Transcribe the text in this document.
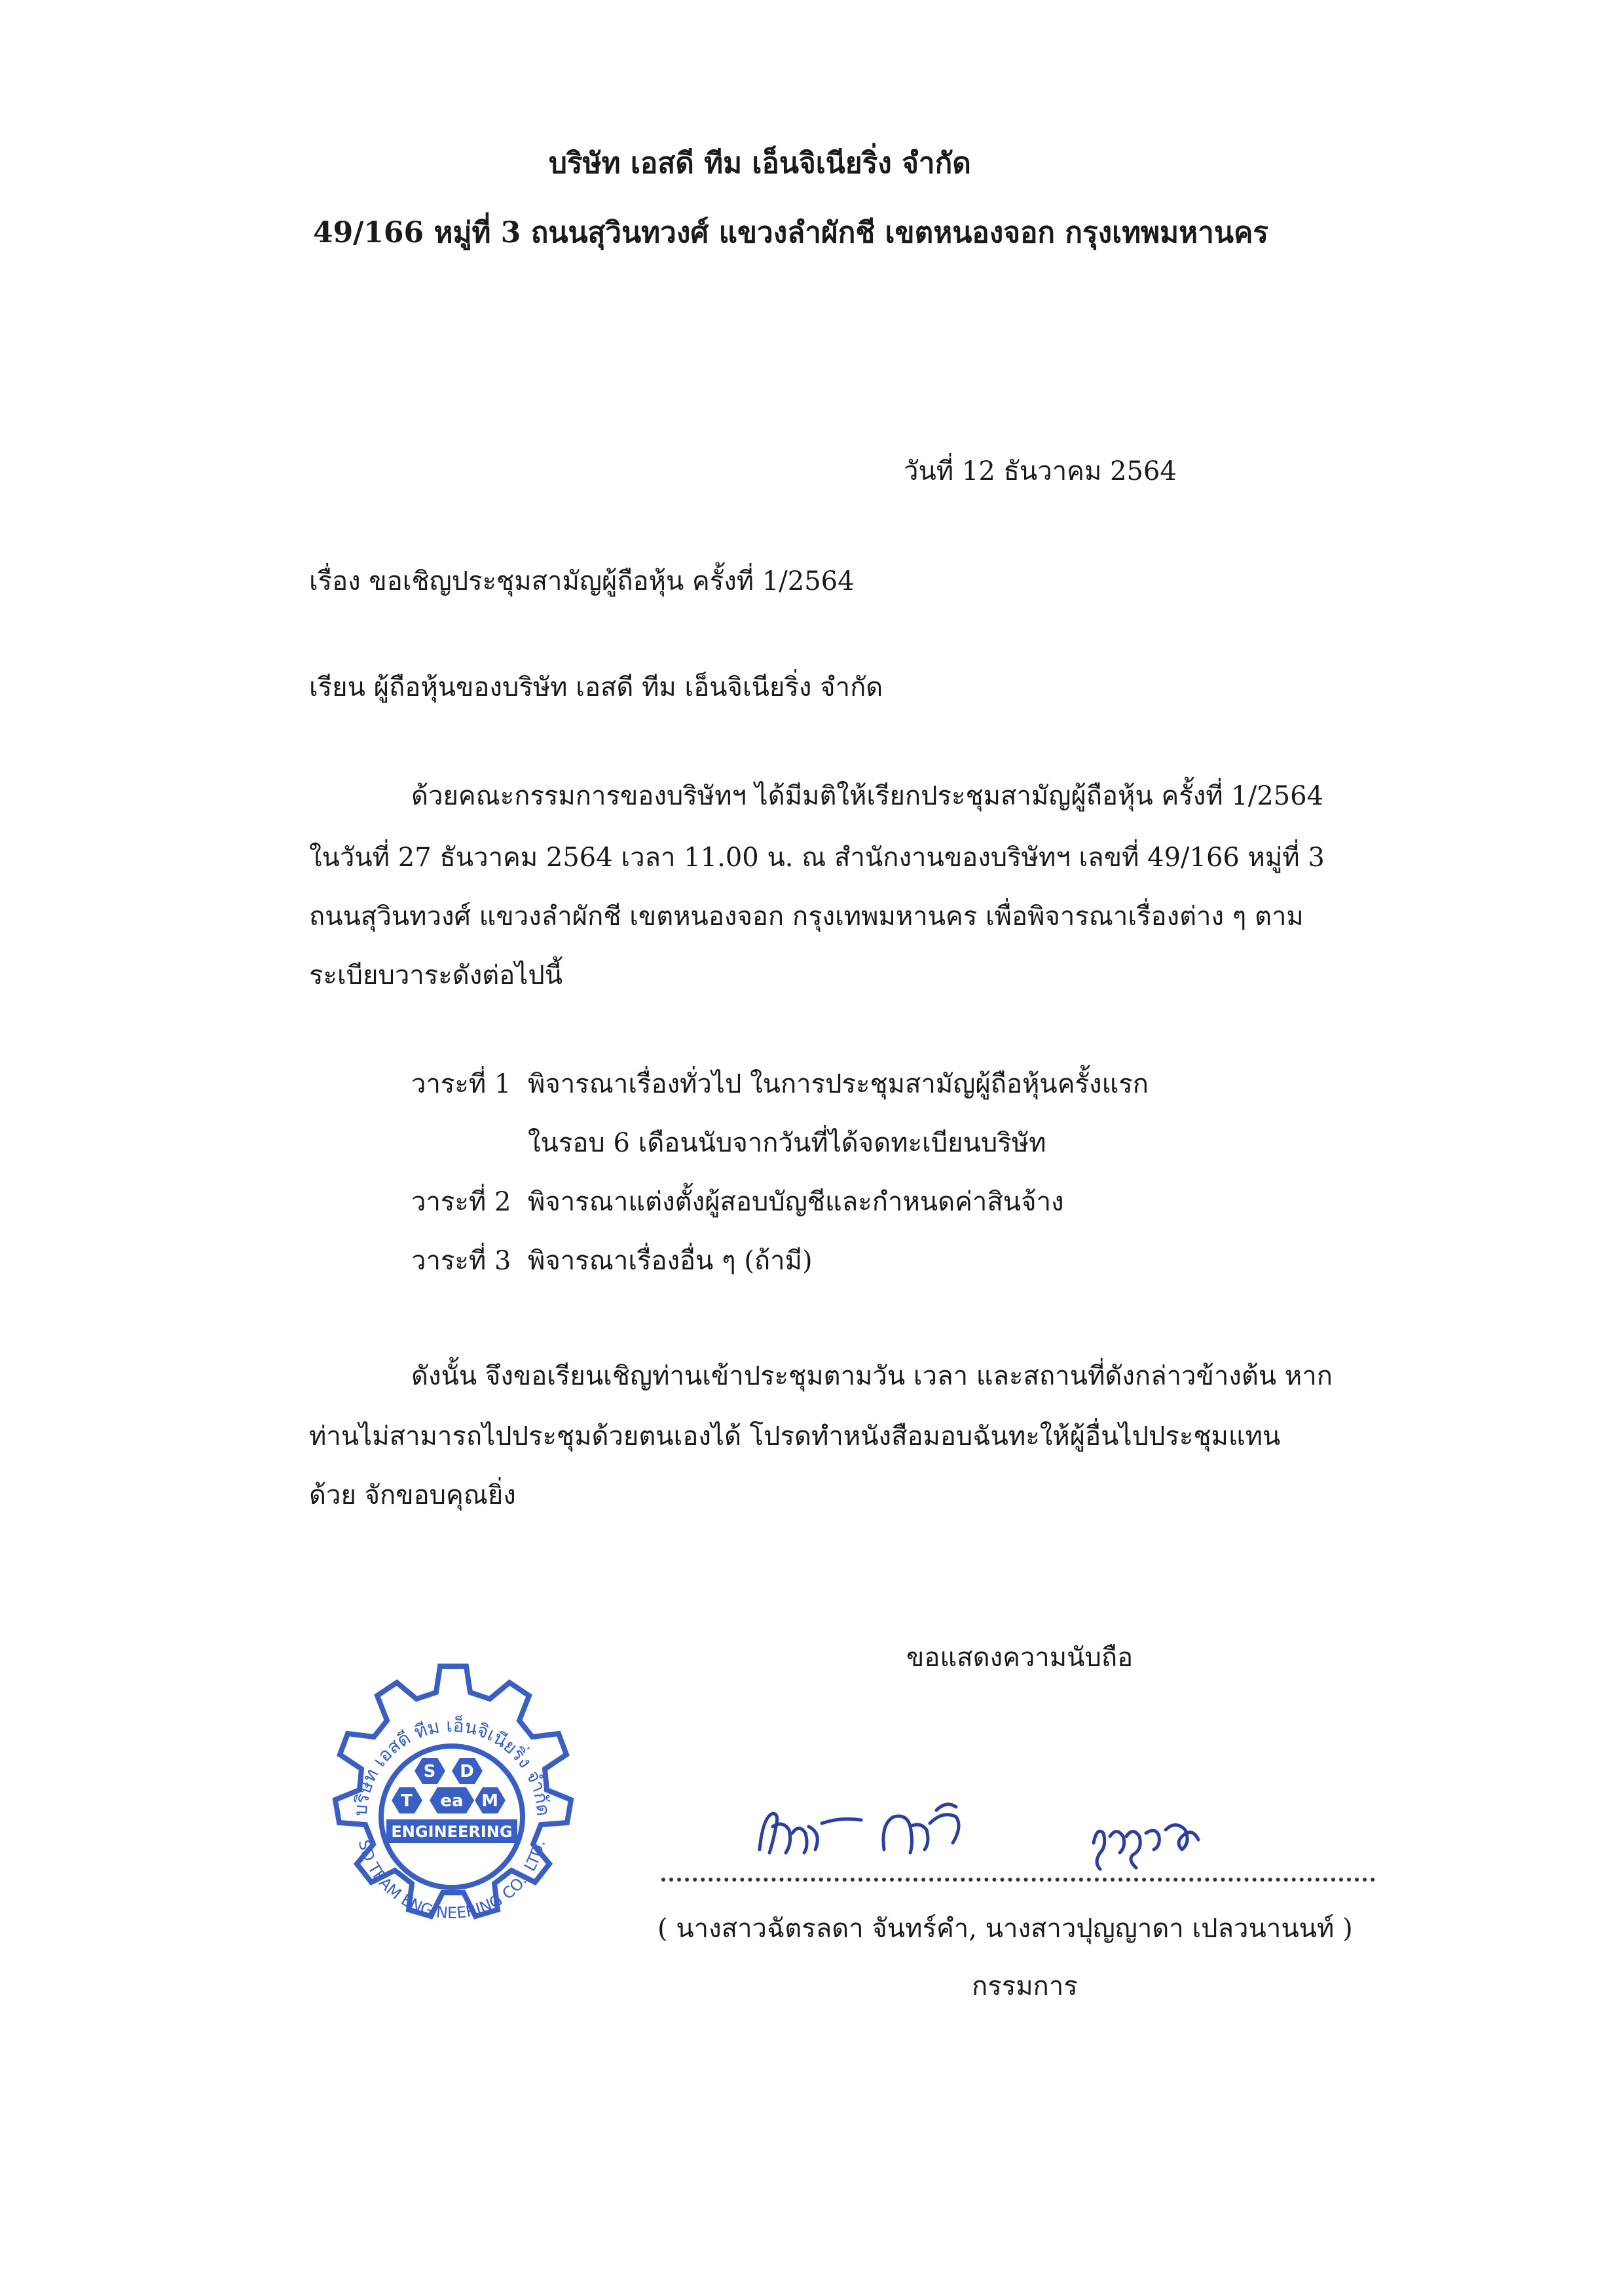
บริษัท เอสดี ทีม เอ็นจิเนียริ่ง จำกัด
49/166 หมู่ที่ 3 ถนนสุวินทวงศ์ แขวงลำผักชี เขตหนองจอก กรุงเทพมหานคร
วันที่ 12 ธันวาคม 2564
เรื่อง ขอเชิญประชุมสามัญผู้ถือหุ้น ครั้งที่ 1/2564
เรียน ผู้ถือหุ้นของบริษัท เอสดี ทีม เอ็นจิเนียริ่ง จำกัด
ด้วยคณะกรรมการของบริษัทฯ ได้มีมติให้เรียกประชุมสามัญผู้ถือหุ้น ครั้งที่ 1/2564
ในวันที่ 27 ธันวาคม 2564 เวลา 11.00 น. ณ สำนักงานของบริษัทฯ เลขที่ 49/166 หมู่ที่ 3
ถนนสุวินทวงศ์ แขวงลำผักชี เขตหนองจอก กรุงเทพมหานคร เพื่อพิจารณาเรื่องต่าง ๆ ตาม
ระเบียบวาระดังต่อไปนี้
วาระที่ 1 พิจารณาเรื่องทั่วไป ในการประชุมสามัญผู้ถือหุ้นครั้งแรก
ในรอบ 6 เดือนนับจากวันที่ได้จดทะเบียนบริษัท
วาระที่ 2 พิจารณาแต่งตั้งผู้สอบบัญชีและกำหนดค่าสินจ้าง
วาระที่ 3 พิจารณาเรื่องอื่น ๆ (ถ้ามี)
ดังนั้น จึงขอเรียนเชิญท่านเข้าประชุมตามวัน เวลา และสถานที่ดังกล่าวข้างต้น หาก
ท่านไม่สามารถไปประชุมด้วยตนเองได้ โปรดทำหนังสือมอบฉันทะให้ผู้อื่นไปประชุมแทน
ด้วย จักขอบคุณยิ่ง
ขอแสดงความนับถือ
บริษัท เอสดี ทีม เอ็นจิเนียริ่ง จำกัด
SD TEAM ENGINEERING CO., LTD.
S D
T ea M
ENGINEERING
( นางสาวฉัตรลดา จันทร์คำ, นางสาวปุญญาดา เปลวนานนท์ )
กรรมการ
